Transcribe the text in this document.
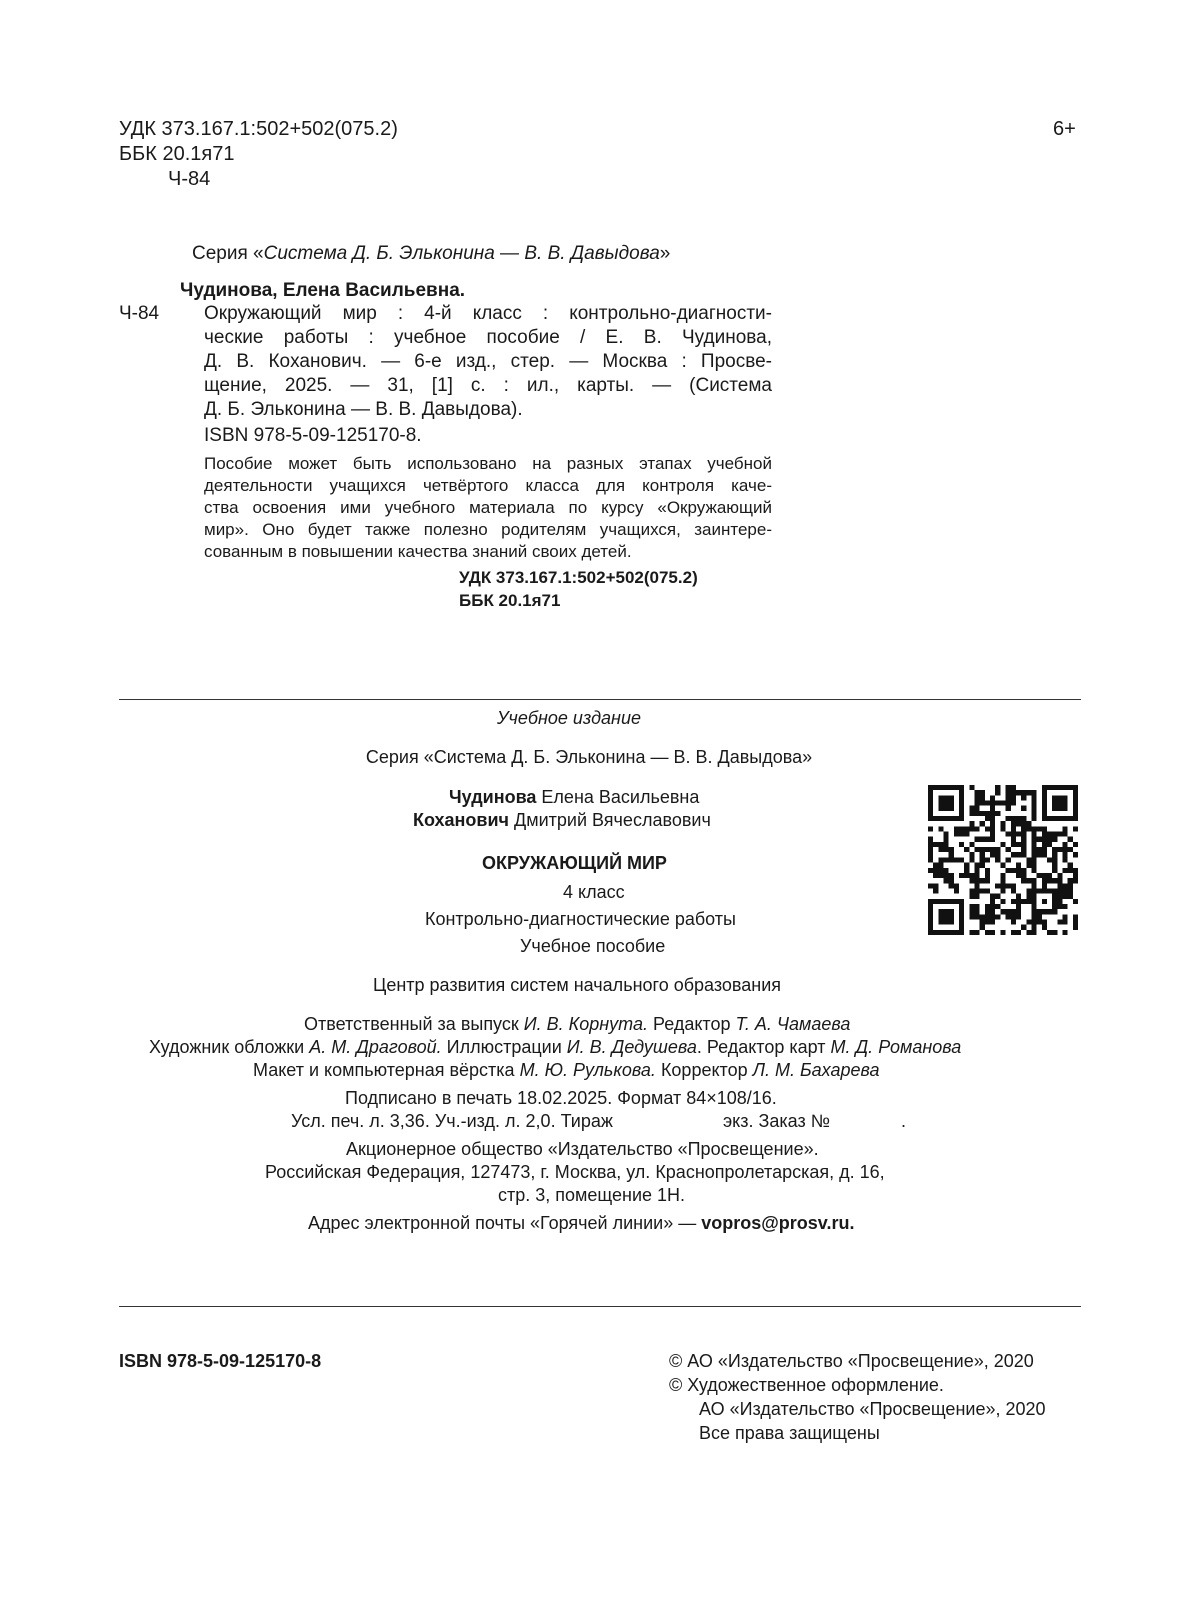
УДК 373.167.1:502+502(075.2)
ББК 20.1я71
Ч-84
6+
Серия «Система Д. Б. Эльконина — В. В. Давыдова»
Чудинова, Елена Васильевна.
Ч-84 Окружающий мир : 4-й класс : контрольно-диагности-
ческие работы : учебное пособие / Е. В. Чудинова,
Д. В. Кoханович. — 6-е изд., стер. — Москва : Просве-
щение, 2025. — 31, [1] с. : ил., карты. — (Система
Д. Б. Эльконина — В. В. Давыдова).
ISBN 978-5-09-125170-8.
Пособие может быть использовано на разных этапах учебной
деятельности учащихся четвёртого класса для контроля каче-
ства освоения ими учебного материала по курсу «Окружающий
мир». Оно будет также полезно родителям учащихся, заинтере-
сованным в повышении качества знаний своих детей.
УДК 373.167.1:502+502(075.2)
ББК 20.1я71
Учебное издание
Серия «Система Д. Б. Эльконина — В. В. Давыдова»
Чудинова Елена Васильевна
Коханович Дмитрий Вячеславович
ОКРУЖАЮЩИЙ МИР
4 класс
Контрольно-диагностические работы
Учебное пособие
Центр развития систем начального образования
Ответственный за выпуск И. В. Корнута. Редактор Т. А. Чамаева
Художник обложки А. М. Драговой. Иллюстрации И. В. Дедушева. Редактор карт М. Д. Романова
Макет и компьютерная вёрстка М. Ю. Рулькова. Корректор Л. М. Бахарева
Подписано в печать 18.02.2025. Формат 84×108/16.
Усл. печ. л. 3,36. Уч.-изд. л. 2,0. Тираж	экз. Заказ №	.
Акционерное общество «Издательство «Просвещение».
Российская Федерация, 127473, г. Москва, ул. Краснопролетарская, д. 16,
стр. 3, помещение 1Н.
Адрес электронной почты «Горячей линии» — vopros@prosv.ru.
ISBN 978-5-09-125170-8	© АО «Издательство «Просвещение», 2020
© Художественное оформление.
АО «Издательство «Просвещение», 2020
Все права защищены
